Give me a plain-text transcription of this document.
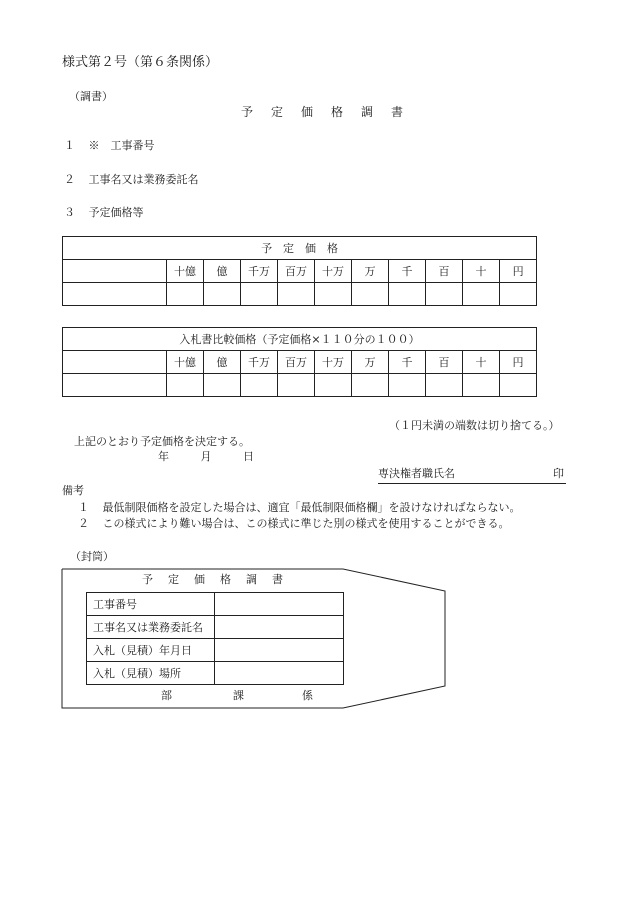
様式第２号（第６条関係）
（調書）
予　定　価　格　調　書
１ ※　工事番号
２ 工事名又は業務委託名
３ 予定価格等
予　定　価　格										
	十億	億	千万	百万	十万	万	千	百	十	円

入札書比較価格（予定価格×１１０分の１００）										
	十億	億	千万	百万	十万	万	千	百	十	円

（１円未満の端数は切り捨てる。）
上記のとおり予定価格を決定する。
年	月	日
専決権者職氏名	印
備考
１ 最低制限価格を設定した場合は、適宜「最低制限価格欄」を設けなければならない。
２ この様式により難い場合は、この様式に準じた別の様式を使用することができる。
（封筒）
予　定　価　格　調　書
工事番号	
工事名又は業務委託名	
入札（見積）年月日	
入札（見積）場所	
部	課	係
